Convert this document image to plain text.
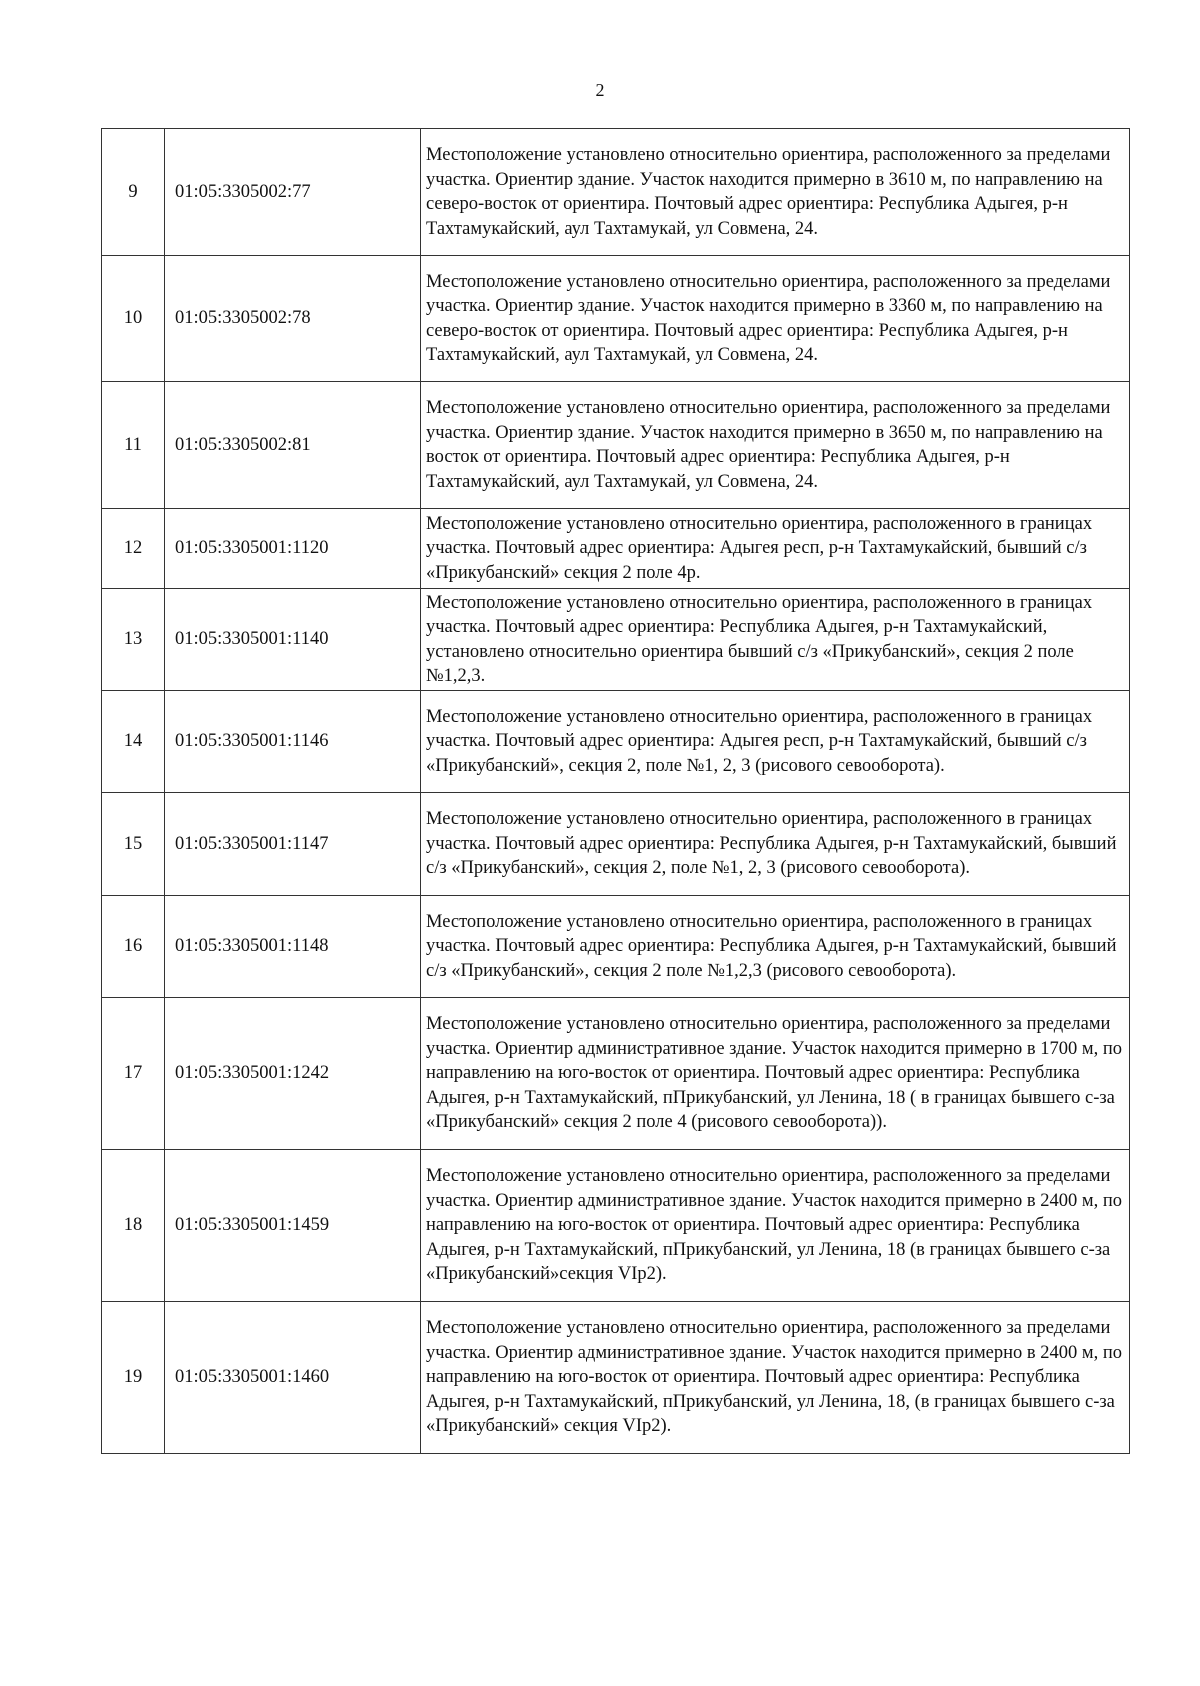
2
9	01:05:3305002:77	Местоположение установлено относительно ориентира, расположенного за пределами участка. Ориентир здание. Участок находится примерно в 3610 м, по направлению на северо-восток от ориентира. Почтовый адрес ориентира: Республика Адыгея, р-н Тахтамукайский, аул Тахтамукай, ул Совмена, 24.
10	01:05:3305002:78	Местоположение установлено относительно ориентира, расположенного за пределами участка. Ориентир здание. Участок находится примерно в 3360 м, по направлению на северо-восток от ориентира. Почтовый адрес ориентира: Республика Адыгея, р-н Тахтамукайский, аул Тахтамукай, ул Совмена, 24.
11	01:05:3305002:81	Местоположение установлено относительно ориентира, расположенного за пределами участка. Ориентир здание. Участок находится примерно в 3650 м, по направлению на восток от ориентира. Почтовый адрес ориентира: Республика Адыгея, р-н Тахтамукайский, аул Тахтамукай, ул Совмена, 24.
12	01:05:3305001:1120	Местоположение установлено относительно ориентира, расположенного в границах участка. Почтовый адрес ориентира: Адыгея респ, р-н Тахтамукайский, бывший с/з «Прикубанский» секция 2 поле 4р.
13	01:05:3305001:1140	Местоположение установлено относительно ориентира, расположенного в границах участка. Почтовый адрес ориентира: Республика Адыгея, р-н Тахтамукайский, установлено относительно ориентира бывший с/з «Прикубанский», секция 2 поле №1,2,3.
14	01:05:3305001:1146	Местоположение установлено относительно ориентира, расположенного в границах участка. Почтовый адрес ориентира: Адыгея респ, р-н Тахтамукайский, бывший с/з «Прикубанский», секция 2, поле №1, 2, 3 (рисового севооборота).
15	01:05:3305001:1147	Местоположение установлено относительно ориентира, расположенного в границах участка. Почтовый адрес ориентира: Республика Адыгея, р-н Тахтамукайский, бывший с/з «Прикубанский», секция 2, поле №1, 2, 3 (рисового севооборота).
16	01:05:3305001:1148	Местоположение установлено относительно ориентира, расположенного в границах участка. Почтовый адрес ориентира: Республика Адыгея, р-н Тахтамукайский, бывший с/з «Прикубанский», секция 2 поле №1,2,3 (рисового севооборота).
17	01:05:3305001:1242	Местоположение установлено относительно ориентира, расположенного за пределами участка. Ориентир административное здание. Участок находится примерно в 1700 м, по направлению на юго-восток от ориентира. Почтовый адрес ориентира: Республика Адыгея, р-н Тахтамукайский, пПрикубанский, ул Ленина, 18 ( в границах бывшего с-за «Прикубанский» секция 2 поле 4 (рисового севооборота)).
18	01:05:3305001:1459	Местоположение установлено относительно ориентира, расположенного за пределами участка. Ориентир административное здание. Участок находится примерно в 2400 м, по направлению на юго-восток от ориентира. Почтовый адрес ориентира: Республика Адыгея, р-н Тахтамукайский, пПрикубанский, ул Ленина, 18 (в границах бывшего с-за «Прикубанский»секция VIр2).
19	01:05:3305001:1460	Местоположение установлено относительно ориентира, расположенного за пределами участка. Ориентир административное здание. Участок находится примерно в 2400 м, по направлению на юго-восток от ориентира. Почтовый адрес ориентира: Республика Адыгея, р-н Тахтамукайский, пПрикубанский, ул Ленина, 18, (в границах бывшего с-за «Прикубанский» секция VIр2).
